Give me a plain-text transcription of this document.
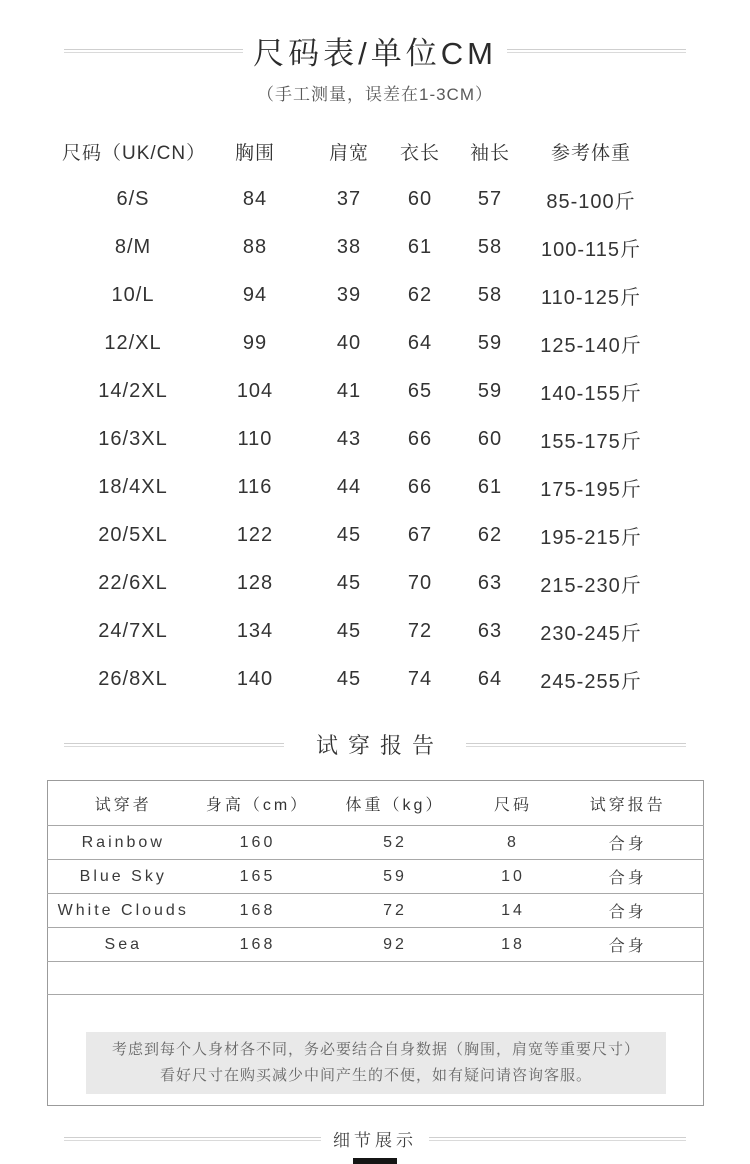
尺码表/单位CM
（手工测量，误差在1-3CM）
尺码（UK/CN）	胸围	肩宽	衣长	袖长	参考体重
6/S	84	37	60	57	85-100斤
8/M	88	38	61	58	100-115斤
10/L	94	39	62	58	110-125斤
12/XL	99	40	64	59	125-140斤
14/2XL	104	41	65	59	140-155斤
16/3XL	110	43	66	60	155-175斤
18/4XL	116	44	66	61	175-195斤
20/5XL	122	45	67	62	195-215斤
22/6XL	128	45	70	63	215-230斤
24/7XL	134	45	72	63	230-245斤
26/8XL	140	45	74	64	245-255斤
试穿报告
试穿者	身高（cm）	体重（kg）	尺码	试穿报告
Rainbow	160	52	8	合身
Blue Sky	165	59	10	合身
White Clouds	168	72	14	合身
Sea	168	92	18	合身

考虑到每个人身材各不同，务必要结合自身数据（胸围，肩宽等重要尺寸）
看好尺寸在购买减少中间产生的不便，如有疑问请咨询客服。				
细节展示
